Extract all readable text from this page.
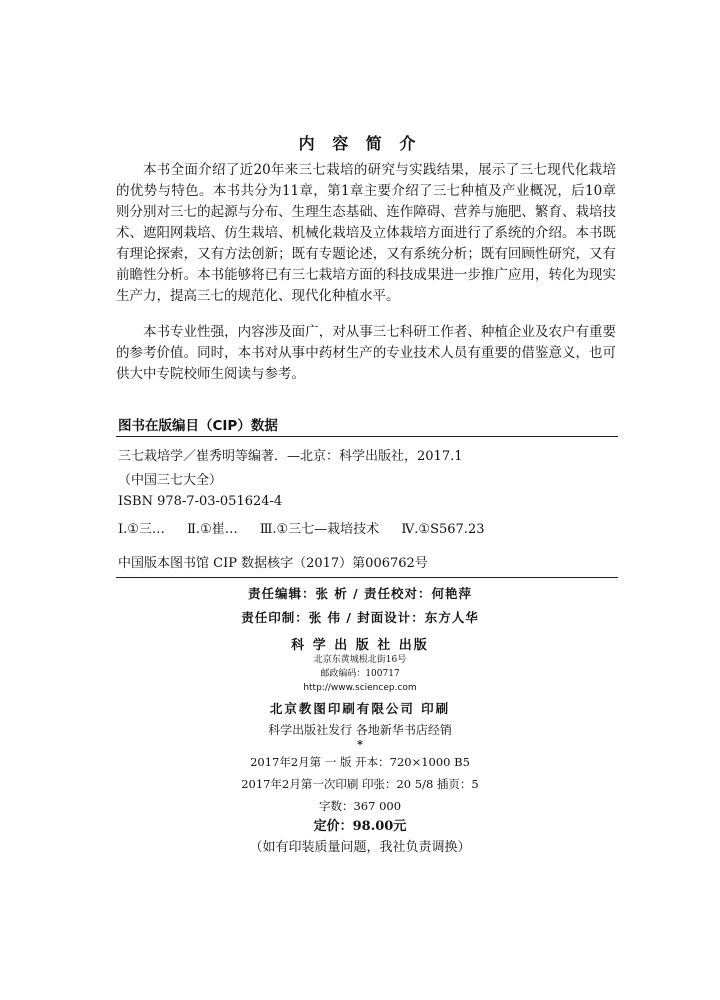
内 容 简 介

本书全面介绍了近20年来三七栽培的研究与实践结果，展示了三七现代化栽培的优势与特色。本书共分为11章，第1章主要介绍了三七种植及产业概况，后10章则分别对三七的起源与分布、生理生态基础、连作障碍、营养与施肥、繁育、栽培技术、遮阳网栽培、仿生栽培、机械化栽培及立体栽培方面进行了系统的介绍。本书既有理论探索，又有方法创新；既有专题论述，又有系统分析；既有回顾性研究，又有前瞻性分析。本书能够将已有三七栽培方面的科技成果进一步推广应用，转化为现实生产力，提高三七的规范化、现代化种植水平。

本书专业性强，内容涉及面广，对从事三七科研工作者、种植企业及农户有重要的参考价值。同时，本书对从事中药材生产的专业技术人员有重要的借鉴意义，也可供大中专院校师生阅读与参考。

图书在版编目（CIP）数据
三七栽培学／崔秀明等编著．—北京：科学出版社，2017.1
（中国三七大全）
ISBN 978-7-03-051624-4
Ⅰ.①三… Ⅱ.①崔… Ⅲ.①三七—栽培技术 Ⅳ.①S567.23
中国版本图书馆 CIP 数据核字（2017）第006762号
责任编辑：张 析 / 责任校对：何艳萍
责任印制：张 伟 / 封面设计：东方人华
科 学 出 版 社 出版
北京东黄城根北街16号
邮政编码：100717
http://www.sciencep.com
北京教图印刷有限公司 印刷
科学出版社发行 各地新华书店经销
*
2017年2月第 一 版 开本：720×1000 B5
2017年2月第一次印刷 印张：20 5/8 插页：5
字数：367 000
定价：98.00元
（如有印装质量问题，我社负责调换）
